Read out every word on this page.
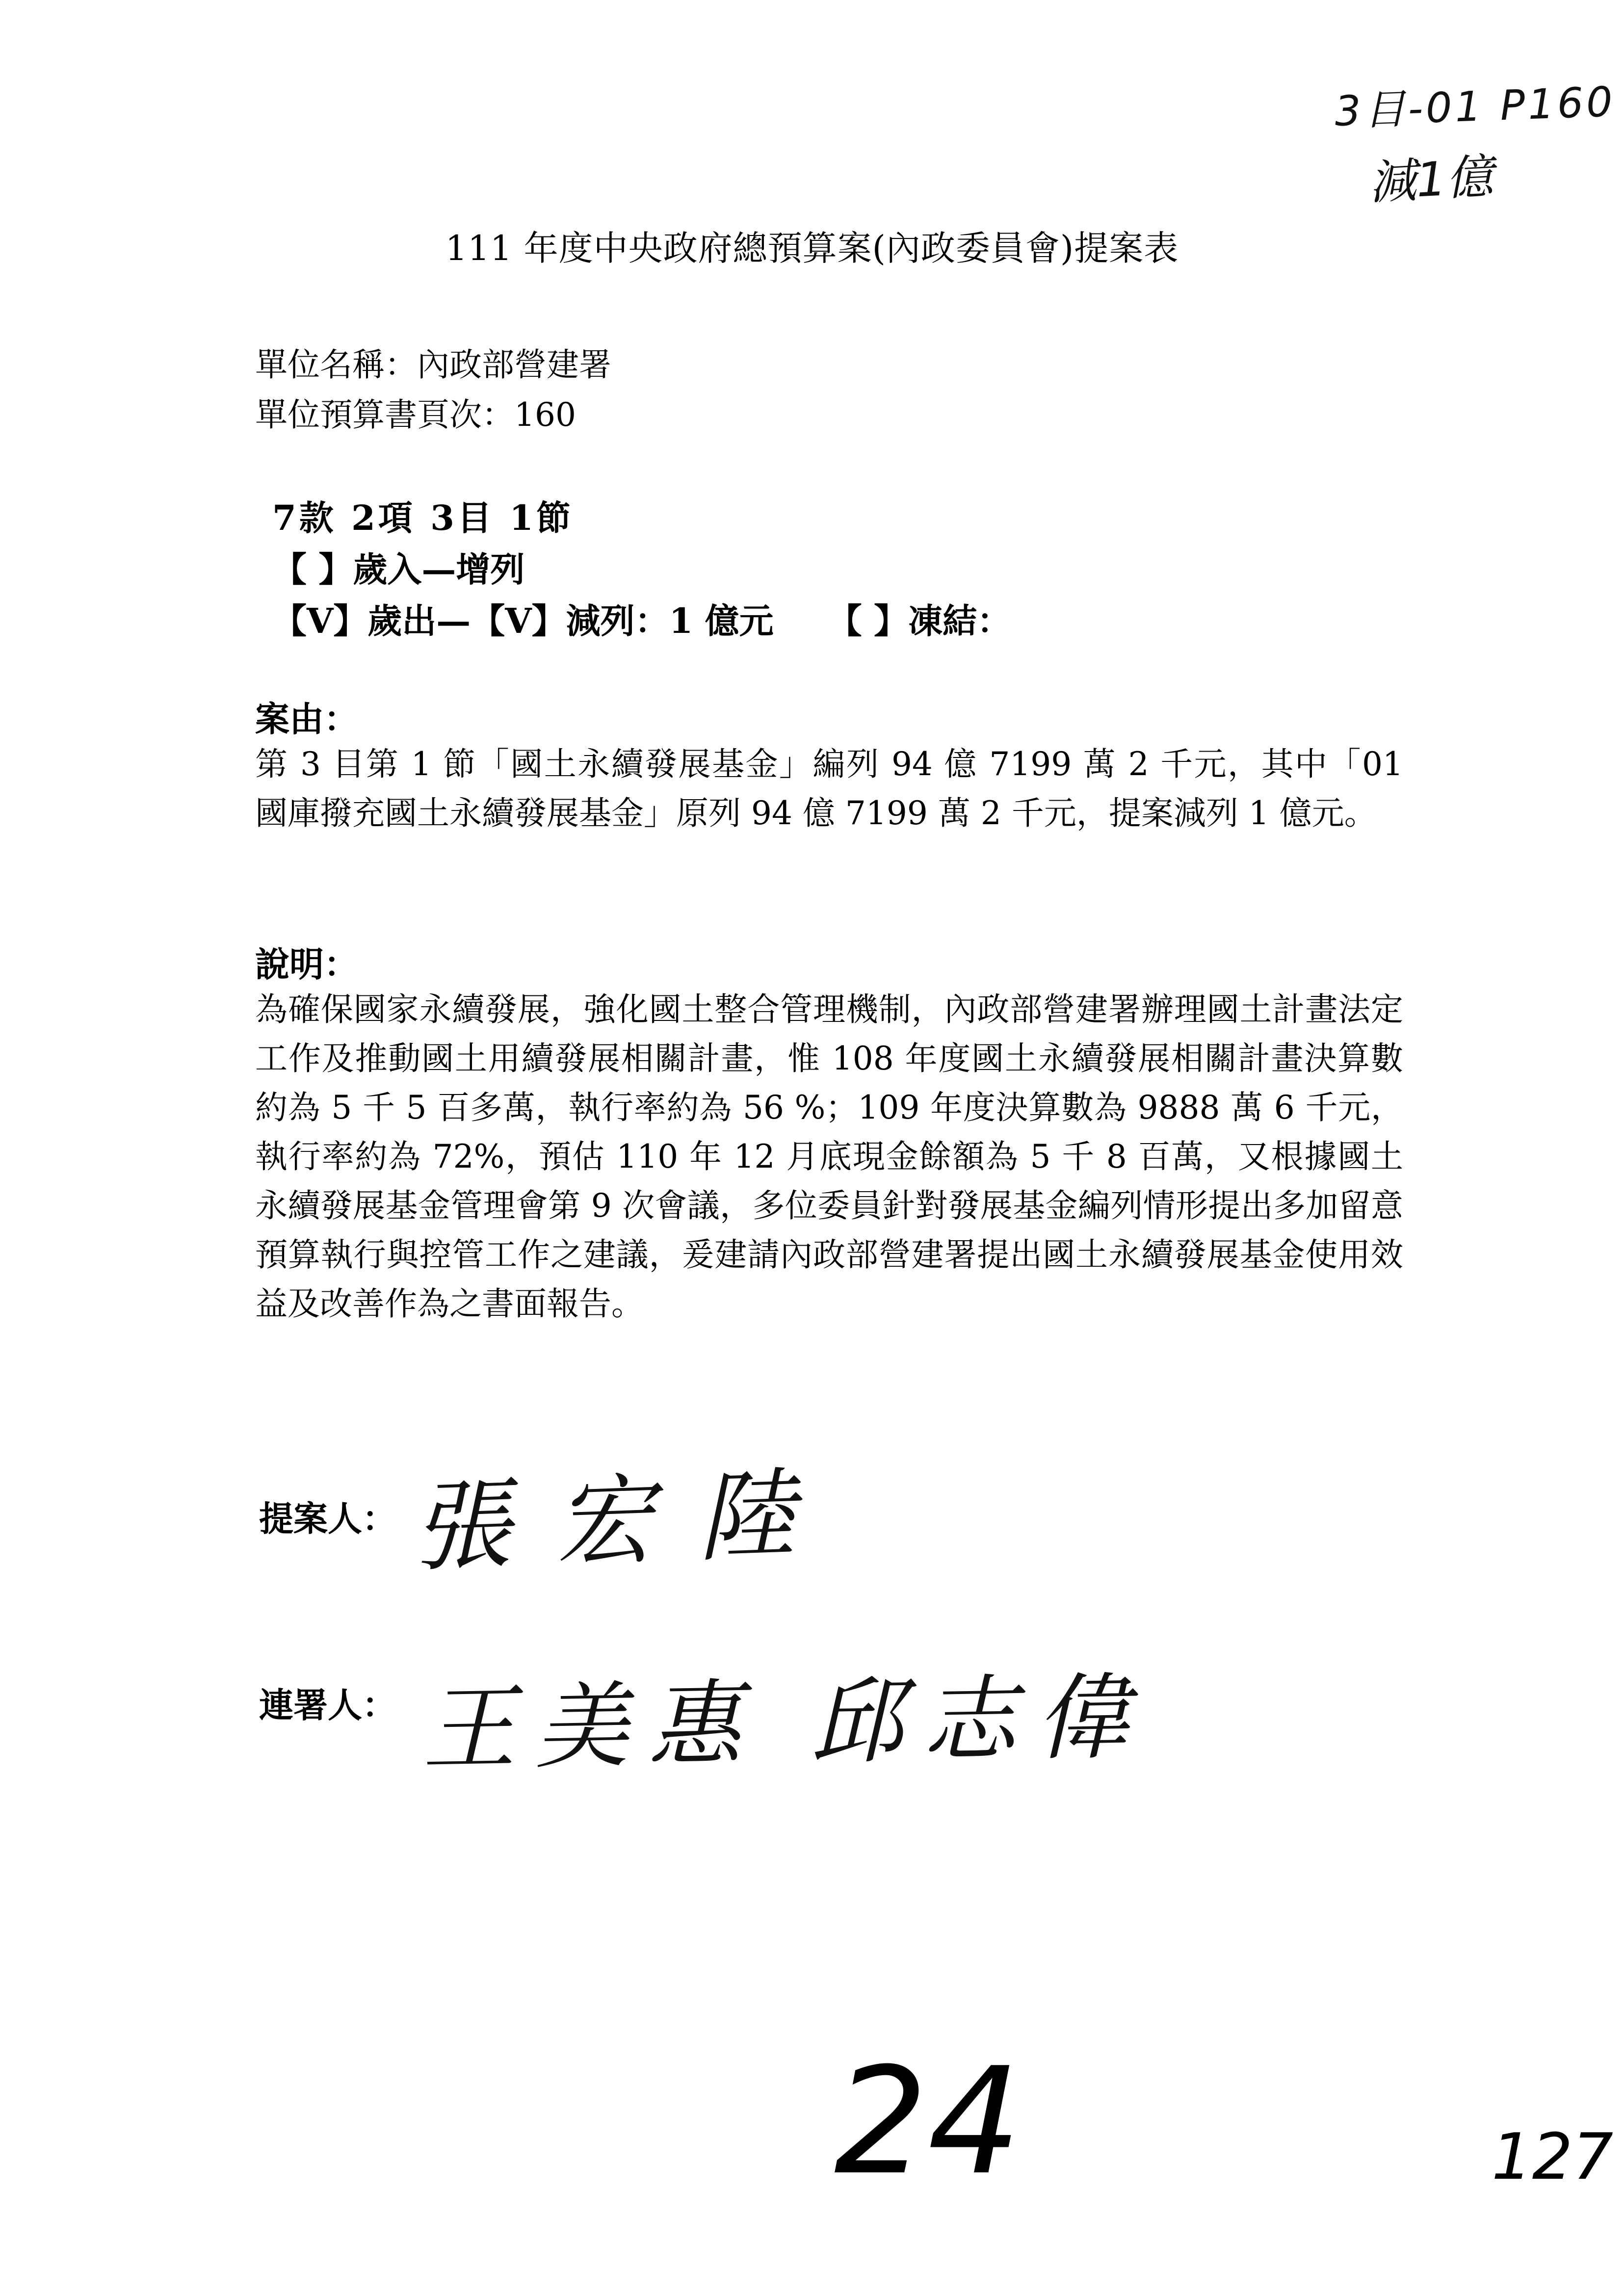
3目-01 P160
減1億
111 年度中央政府總預算案(內政委員會)提案表
單位名稱：內政部營建署
單位預算書頁次：160
7款 2項 3目 1節
【 】歲入—增列
【V】歲出—【V】減列：1 億元 【 】凍結：
案由：
第 3 目第 1 節「國土永續發展基金」編列 94 億 7199 萬 2 千元，其中「01 國庫撥充國土永續發展基金」原列 94 億 7199 萬 2 千元，提案減列 1 億元。
說明：
為確保國家永續發展，強化國土整合管理機制，內政部營建署辦理國土計畫法定工作及推動國土用續發展相關計畫，惟 108 年度國土永續發展相關計畫決算數約為 5 千 5 百多萬，執行率約為 56 %；109 年度決算數為 9888 萬 6 千元，執行率約為 72%，預估 110 年 12 月底現金餘額為 5 千 8 百萬，又根據國土永續發展基金管理會第 9 次會議，多位委員針對發展基金編列情形提出多加留意預算執行與控管工作之建議，爰建請內政部營建署提出國土永續發展基金使用效益及改善作為之書面報告。
提案人： 張宏陸
連署人： 王美惠 邱志偉
24	127
